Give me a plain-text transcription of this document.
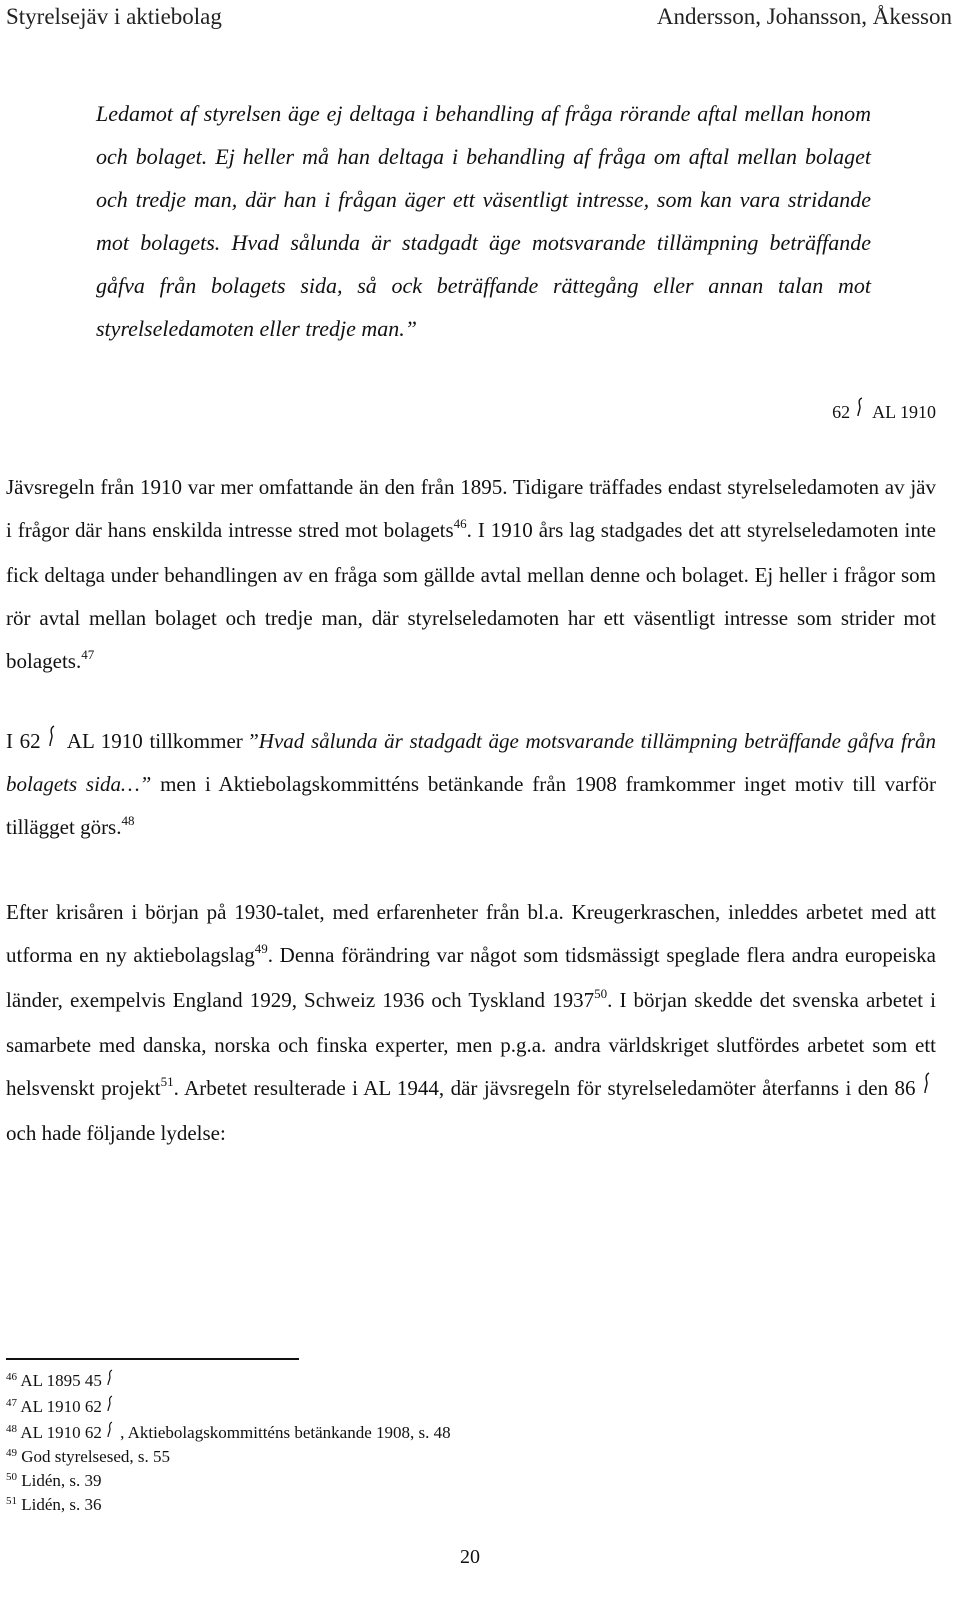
Styrelsejäv i aktiebolag	Andersson, Johansson, Åkesson
Ledamot af styrelsen äge ej deltaga i behandling af fråga rörande aftal mellan honom och bolaget. Ej heller må han deltaga i behandling af fråga om aftal mellan bolaget och tredje man, där han i frågan äger ett väsentligt intresse, som kan vara stridande mot bolagets. Hvad sålunda är stadgadt äge motsvarande tillämpning beträffande gåfva från bolagets sida, så ock beträffande rättegång eller annan talan mot styrelseledamoten eller tredje man.”
62 AL 1910
Jävsregeln från 1910 var mer omfattande än den från 1895. Tidigare träffades endast styrelseledamoten av jäv i frågor där hans enskilda intresse stred mot bolagets$^{46}$. I 1910 års lag stadgades det att styrelseledamoten inte fick deltaga under behandlingen av en fråga som gällde avtal mellan denne och bolaget. Ej heller i frågor som rör avtal mellan bolaget och tredje man, där styrelseledamoten har ett väsentligt intresse som strider mot bolagets.$^{47}$
I 62 AL 1910 tillkommer ”Hvad sålunda är stadgadt äge motsvarande tillämpning beträffande gåfva från bolagets sida…” men i Aktiebolagskommitténs betänkande från 1908 framkommer inget motiv till varför tillägget görs.$^{48}$
Efter krisåren i början på 1930-talet, med erfarenheter från bl.a. Kreugerkraschen, inleddes arbetet med att utforma en ny aktiebolagslag$^{49}$. Denna förändring var något som tidsmässigt speglade flera andra europeiska länder, exempelvis England 1929, Schweiz 1936 och Tyskland 1937$^{50}$. I början skedde det svenska arbetet i samarbete med danska, norska och finska experter, men p.g.a. andra världskriget slutfördes arbetet som ett helsvenskt projekt$^{51}$. Arbetet resulterade i AL 1944, där jävsregeln för styrelseledamöter återfanns i den 86  och hade följande lydelse:
$^{46}$ AL 1895 45
$^{47}$ AL 1910 62
$^{48}$ AL 1910 62 , Aktiebolagskommitténs betänkande 1908, s. 48
$^{49}$ God styrelsesed, s. 55
$^{50}$ Lidén, s. 39
$^{51}$ Lidén, s. 36
20
